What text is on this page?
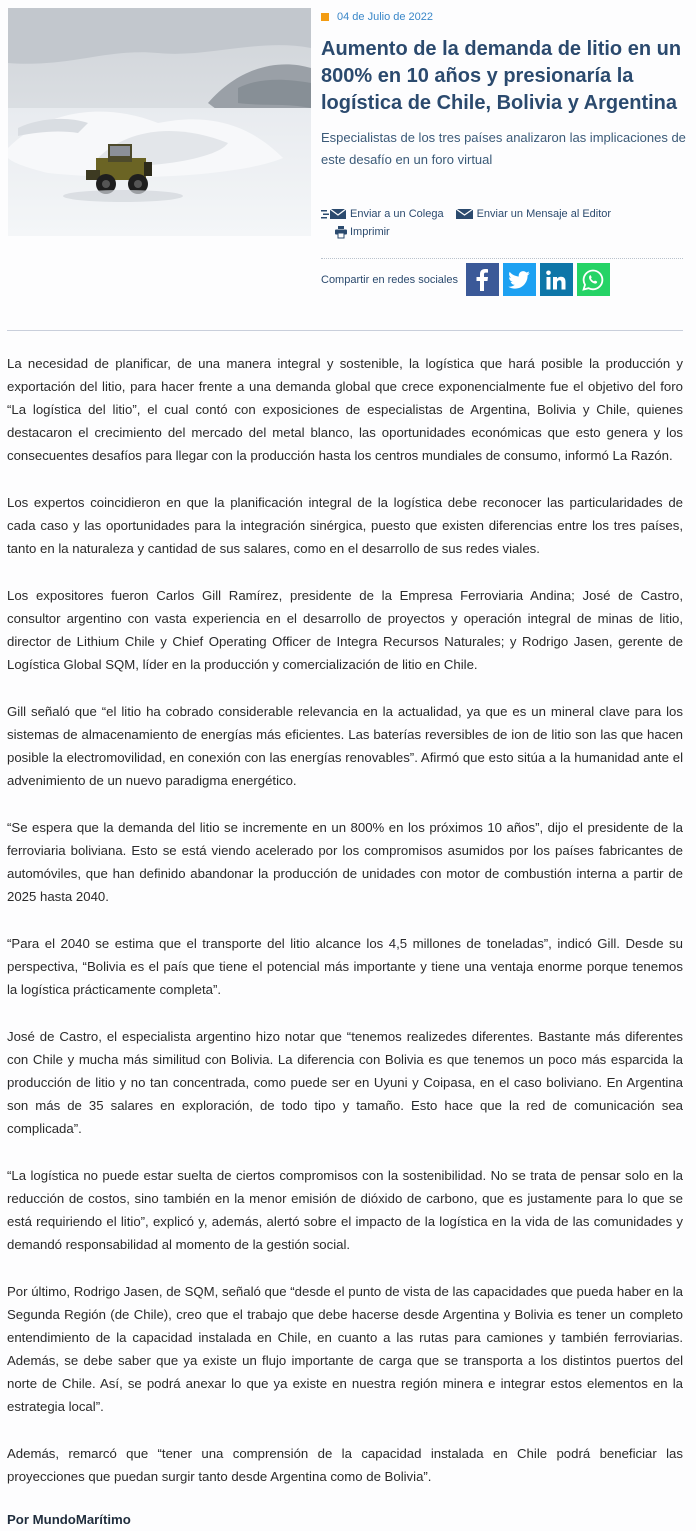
04 de Julio de 2022
Aumento de la demanda de litio en un 800% en 10 años y presionaría la logística de Chile, Bolivia y Argentina

Especialistas de los tres países analizaron las implicaciones de este desafío en un foro virtual

Enviar a un Colega	Enviar un Mensaje al Editor
Imprimir
Compartir en redes sociales

La necesidad de planificar, de una manera integral y sostenible, la logística que hará posible la producción y exportación del litio, para hacer frente a una demanda global que crece exponencialmente fue el objetivo del foro “La logística del litio”, el cual contó con exposiciones de especialistas de Argentina, Bolivia y Chile, quienes destacaron el crecimiento del mercado del metal blanco, las oportunidades económicas que esto genera y los consecuentes desafíos para llegar con la producción hasta los centros mundiales de consumo, informó La Razón.

Los expertos coincidieron en que la planificación integral de la logística debe reconocer las particularidades de cada caso y las oportunidades para la integración sinérgica, puesto que existen diferencias entre los tres países, tanto en la naturaleza y cantidad de sus salares, como en el desarrollo de sus redes viales.

Los expositores fueron Carlos Gill Ramírez, presidente de la Empresa Ferroviaria Andina; José de Castro, consultor argentino con vasta experiencia en el desarrollo de proyectos y operación integral de minas de litio, director de Lithium Chile y Chief Operating Officer de Integra Recursos Naturales; y Rodrigo Jasen, gerente de Logística Global SQM, líder en la producción y comercialización de litio en Chile.

Gill señaló que “el litio ha cobrado considerable relevancia en la actualidad, ya que es un mineral clave para los sistemas de almacenamiento de energías más eficientes. Las baterías reversibles de ion de litio son las que hacen posible la electromovilidad, en conexión con las energías renovables”. Afirmó que esto sitúa a la humanidad ante el advenimiento de un nuevo paradigma energético.

“Se espera que la demanda del litio se incremente en un 800% en los próximos 10 años”, dijo el presidente de la ferroviaria boliviana. Esto se está viendo acelerado por los compromisos asumidos por los países fabricantes de automóviles, que han definido abandonar la producción de unidades con motor de combustión interna a partir de 2025 hasta 2040.

“Para el 2040 se estima que el transporte del litio alcance los 4,5 millones de toneladas”, indicó Gill. Desde su perspectiva, “Bolivia es el país que tiene el potencial más importante y tiene una ventaja enorme porque tenemos la logística prácticamente completa”.

José de Castro, el especialista argentino hizo notar que “tenemos realizedes diferentes. Bastante más diferentes con Chile y mucha más similitud con Bolivia. La diferencia con Bolivia es que tenemos un poco más esparcida la producción de litio y no tan concentrada, como puede ser en Uyuni y Coipasa, en el caso boliviano. En Argentina son más de 35 salares en exploración, de todo tipo y tamaño. Esto hace que la red de comunicación sea complicada”.

“La logística no puede estar suelta de ciertos compromisos con la sostenibilidad. No se trata de pensar solo en la reducción de costos, sino también en la menor emisión de dióxido de carbono, que es justamente para lo que se está requiriendo el litio”, explicó y, además, alertó sobre el impacto de la logística en la vida de las comunidades y demandó responsabilidad al momento de la gestión social.

Por último, Rodrigo Jasen, de SQM, señaló que “desde el punto de vista de las capacidades que pueda haber en la Segunda Región (de Chile), creo que el trabajo que debe hacerse desde Argentina y Bolivia es tener un completo entendimiento de la capacidad instalada en Chile, en cuanto a las rutas para camiones y también ferroviarias. Además, se debe saber que ya existe un flujo importante de carga que se transporta a los distintos puertos del norte de Chile. Así, se podrá anexar lo que ya existe en nuestra región minera e integrar estos elementos en la estrategia local”.

Además, remarcó que “tener una comprensión de la capacidad instalada en Chile podrá beneficiar las proyecciones que puedan surgir tanto desde Argentina como de Bolivia”.

Por MundoMarítimo
